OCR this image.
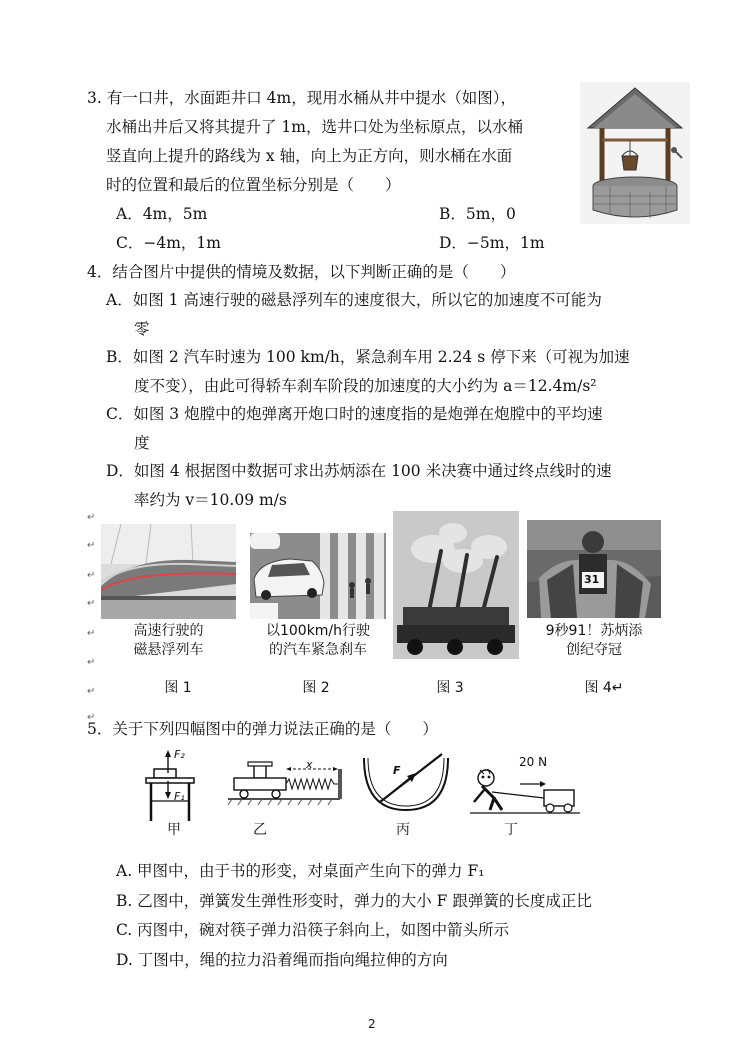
3. 有一口井，水面距井口 4m，现用水桶从井中提水（如图），
水桶出井后又将其提升了 1m，选井口处为坐标原点，以水桶
竖直向上提升的路线为 x 轴，向上为正方向，则水桶在水面
时的位置和最后的位置坐标分别是（　　）
A．4m，5m	B．5m，0
C．−4m，1m	D．−5m，1m
4．结合图片中提供的情境及数据，以下判断正确的是（　　）
A．如图 1 高速行驶的磁悬浮列车的速度很大，所以它的加速度不可能为
零
B．如图 2 汽车时速为 100 km/h，紧急刹车用 2.24 s 停下来（可视为加速
度不变），由此可得轿车刹车阶段的加速度的大小约为 a＝12.4m/s²
C．如图 3 炮膛中的炮弹离开炮口时的速度指的是炮弹在炮膛中的平均速
度
D．如图 4 根据图中数据可求出苏炳添在 100 米决赛中通过终点线时的速
率约为 v＝10.09 m/s
↵
↵
↵
↵
↵
↵
↵
↵
高速行驶的
磁悬浮列车
以100km/h行驶
的汽车紧急刹车
31
9秒91！苏炳添
创纪夺冠
图 1	图 2	图 3	图 4↵
5．关于下列四幅图中的弹力说法正确的是（　　）
F₂
F₁
x	F
20 N
甲	乙	丙	丁
A. 甲图中，由于书的形变，对桌面产生向下的弹力 F₁
B. 乙图中，弹簧发生弹性形变时，弹力的大小 F 跟弹簧的长度成正比
C. 丙图中，碗对筷子弹力沿筷子斜向上，如图中箭头所示
D. 丁图中，绳的拉力沿着绳而指向绳拉伸的方向
2
